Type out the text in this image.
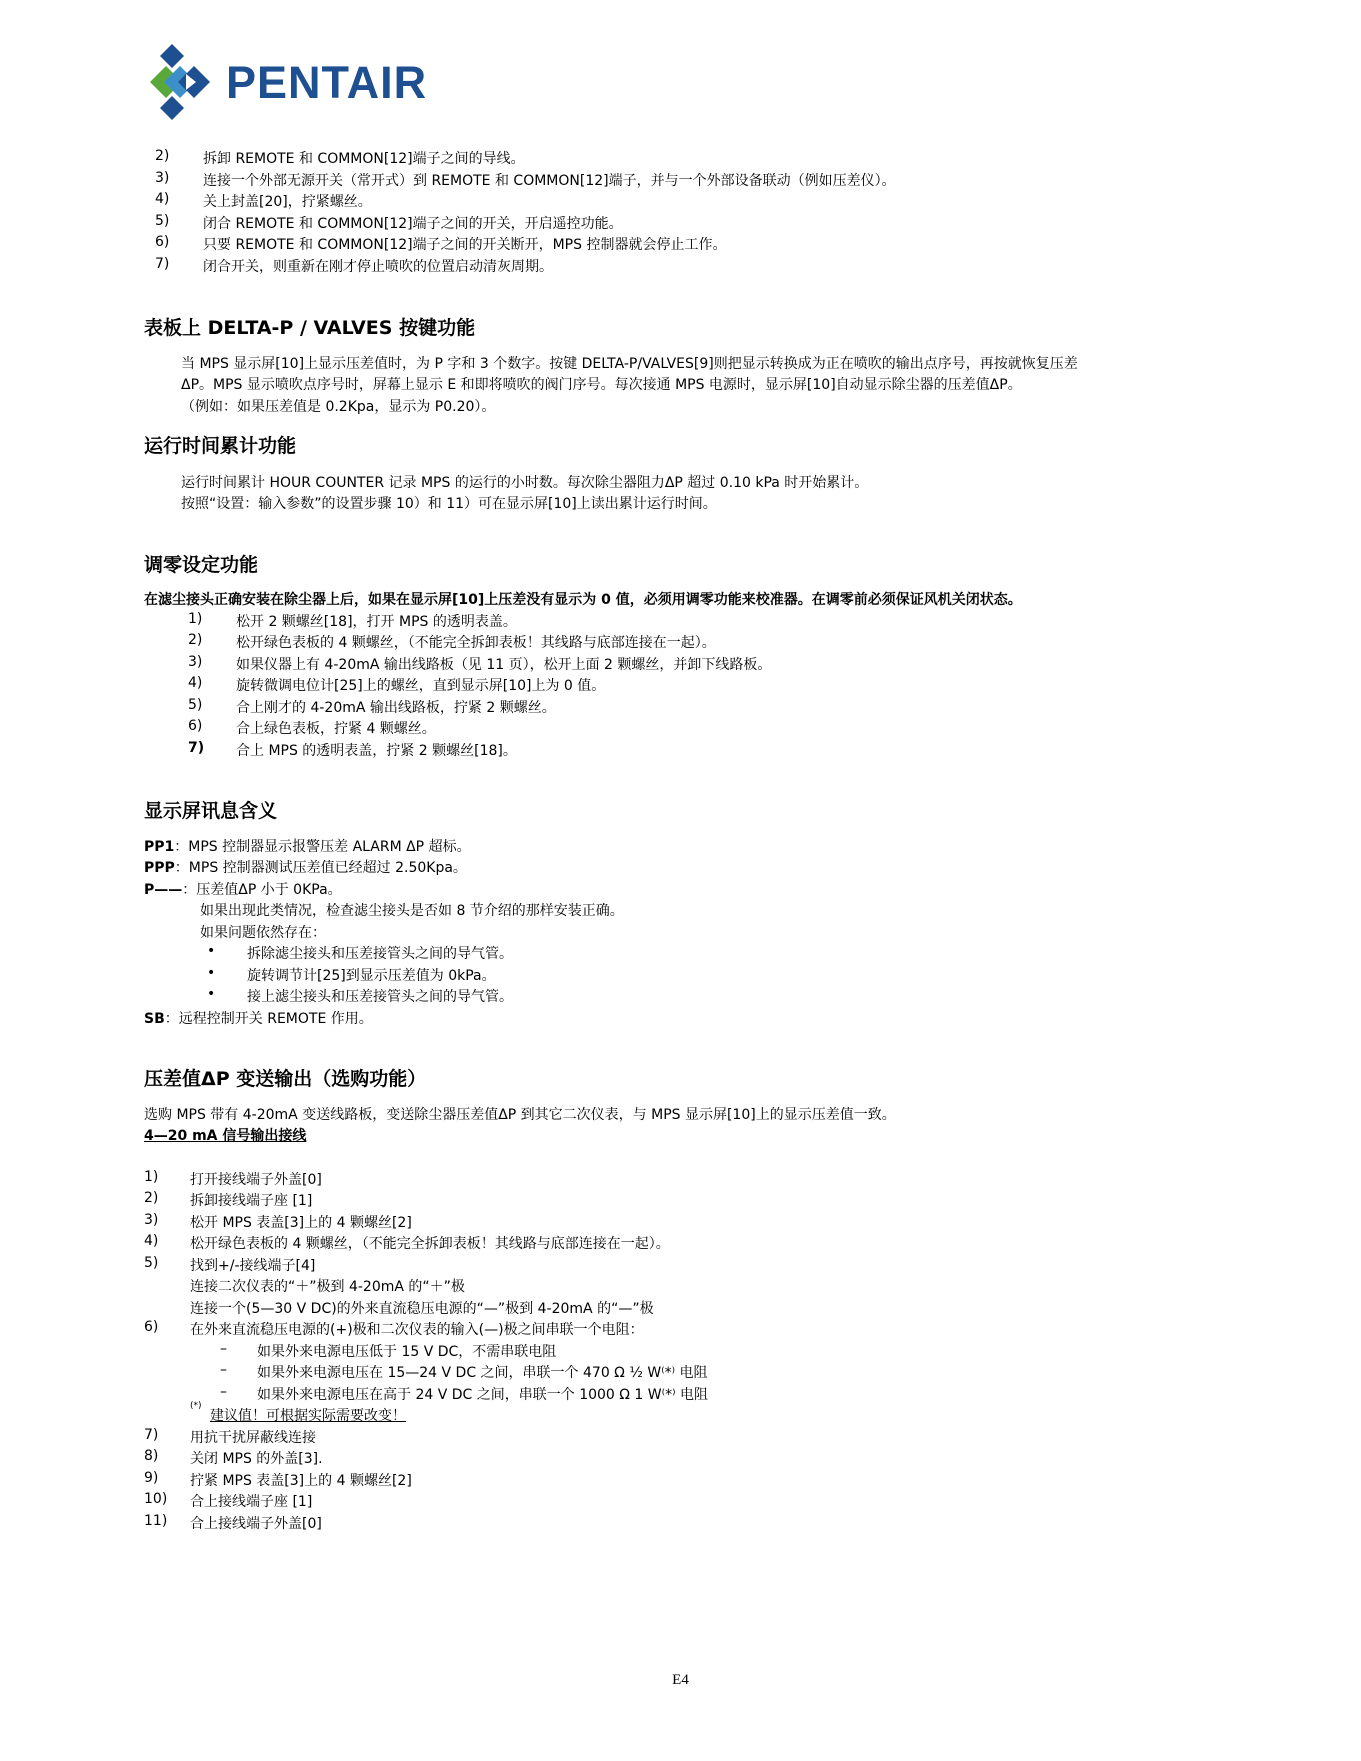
PENTAIR
2) 拆卸 REMOTE 和 COMMON[12]端子之间的导线。
3) 连接一个外部无源开关（常开式）到 REMOTE 和 COMMON[12]端子，并与一个外部设备联动（例如压差仪）。
4) 关上封盖[20]，拧紧螺丝。
5) 闭合 REMOTE 和 COMMON[12]端子之间的开关，开启遥控功能。
6) 只要 REMOTE 和 COMMON[12]端子之间的开关断开，MPS 控制器就会停止工作。
7) 闭合开关，则重新在刚才停止喷吹的位置启动清灰周期。
表板上 DELTA-P / VALVES 按键功能
当 MPS 显示屏[10]上显示压差值时，为 P 字和 3 个数字。按键 DELTA-P/VALVES[9]则把显示转换成为正在喷吹的输出点序号，再按就恢复压差
ΔP。MPS 显示喷吹点序号时，屏幕上显示 E 和即将喷吹的阀门序号。每次接通 MPS 电源时，显示屏[10]自动显示除尘器的压差值ΔP。
（例如：如果压差值是 0.2Kpa，显示为 P0.20）。
运行时间累计功能
运行时间累计 HOUR COUNTER 记录 MPS 的运行的小时数。每次除尘器阻力ΔP 超过 0.10 kPa 时开始累计。
按照“设置：输入参数”的设置步骤 10）和 11）可在显示屏[10]上读出累计运行时间。
调零设定功能
在滤尘接头正确安装在除尘器上后，如果在显示屏[10]上压差没有显示为 0 值，必须用调零功能来校准器。在调零前必须保证风机关闭状态。
1) 松开 2 颗螺丝[18]，打开 MPS 的透明表盖。
2) 松开绿色表板的 4 颗螺丝，（不能完全拆卸表板！其线路与底部连接在一起）。
3) 如果仪器上有 4-20mA 输出线路板（见 11 页），松开上面 2 颗螺丝，并卸下线路板。
4) 旋转微调电位计[25]上的螺丝，直到显示屏[10]上为 0 值。
5) 合上刚才的 4-20mA 输出线路板，拧紧 2 颗螺丝。
6) 合上绿色表板，拧紧 4 颗螺丝。
7) 合上 MPS 的透明表盖，拧紧 2 颗螺丝[18]。
显示屏讯息含义
PP1：MPS 控制器显示报警压差 ALARM ΔP 超标。
PPP：MPS 控制器测试压差值已经超过 2.50Kpa。
P——：压差值ΔP 小于 0KPa。
如果出现此类情况，检查滤尘接头是否如 8 节介绍的那样安装正确。
如果问题依然存在：
• 拆除滤尘接头和压差接管头之间的导气管。
• 旋转调节计[25]到显示压差值为 0kPa。
• 接上滤尘接头和压差接管头之间的导气管。
SB：远程控制开关 REMOTE 作用。
压差值ΔP 变送输出（选购功能）
选购 MPS 带有 4-20mA 变送线路板，变送除尘器压差值ΔP 到其它二次仪表，与 MPS 显示屏[10]上的显示压差值一致。
4—20 mA 信号输出接线
1) 打开接线端子外盖[0]
2) 拆卸接线端子座 [1]
3) 松开 MPS 表盖[3]上的 4 颗螺丝[2]
4) 松开绿色表板的 4 颗螺丝，（不能完全拆卸表板！其线路与底部连接在一起）。
5) 找到+/-接线端子[4]
连接二次仪表的“＋”极到 4-20mA 的“＋”极
连接一个(5—30 V DC)的外来直流稳压电源的“—”极到 4-20mA 的“—”极
6) 在外来直流稳压电源的(+)极和二次仪表的输入(—)极之间串联一个电阻：
– 如果外来电源电压低于 15 V DC，不需串联电阻
– 如果外来电源电压在 15—24 V DC 之间，串联一个 470 Ω ½ W⁽*⁾ 电阻
– 如果外来电源电压在高于 24 V DC 之间，串联一个 1000 Ω 1 W⁽*⁾ 电阻
(*)
建议值！可根据实际需要改变！
7) 用抗干扰屏蔽线连接
8) 关闭 MPS 的外盖[3].
9) 拧紧 MPS 表盖[3]上的 4 颗螺丝[2]
10) 合上接线端子座 [1]
11) 合上接线端子外盖[0]
E4
